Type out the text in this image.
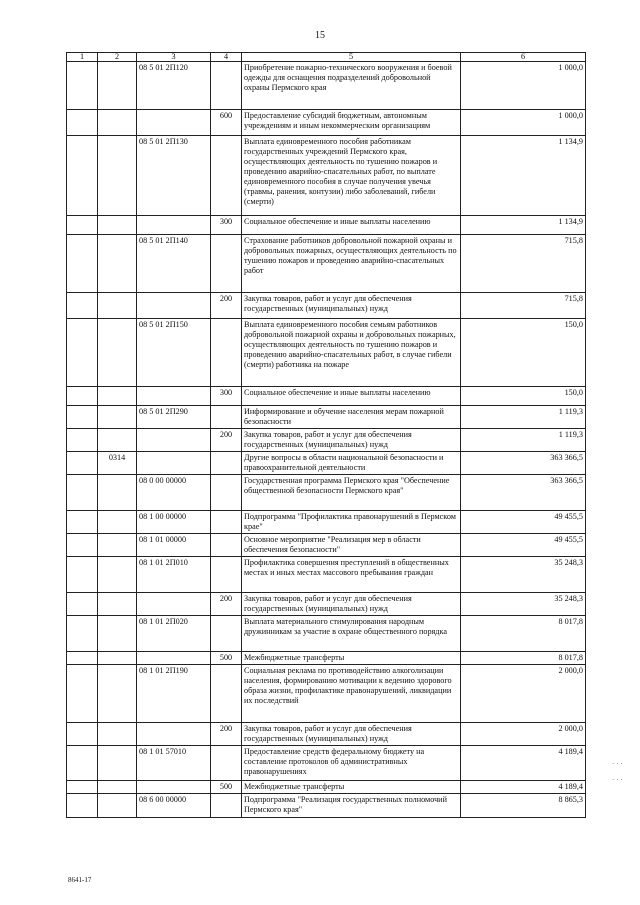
15
1	2	3	4	5	6
		08 5 01 2П120		Приобретение пожарно-технического вооружения и боевой одежды для оснащения подразделений добровольной охраны Пермского края	1 000,0
			600	Предоставление субсидий бюджетным, автономным учреждениям и иным некоммерческим организациям	1 000,0
		08 5 01 2П130		Выплата единовременного пособия работникам государственных учреждений Пермского края, осуществляющих деятельность по тушению пожаров и проведению аварийно-спасательных работ, по выплате единовременного пособия в случае получения увечья (травмы, ранения, контузии) либо заболеваний, гибели (смерти)	1 134,9
			300	Социальное обеспечение и иные выплаты населению	1 134,9
		08 5 01 2П140		Страхование работников добровольной пожарной охраны и добровольных пожарных, осуществляющих деятельность по тушению пожаров и проведению аварийно-спасательных работ	715,8
			200	Закупка товаров, работ и услуг для обеспечения государственных (муниципальных) нужд	715,8
		08 5 01 2П150		Выплата единовременного пособия семьям работников добровольной пожарной охраны и добровольных пожарных, осуществляющих деятельность по тушению пожаров и проведению аварийно-спасательных работ, в случае гибели (смерти) работника на пожаре	150,0
			300	Социальное обеспечение и иные выплаты населению	150,0
		08 5 01 2П290		Информирование и обучение населения мерам пожарной безопасности	1 119,3
			200	Закупка товаров, работ и услуг для обеспечения государственных (муниципальных) нужд	1 119,3
	0314			Другие вопросы в области национальной безопасности и правоохранительной деятельности	363 366,5
		08 0 00 00000		Государственная программа Пермского края "Обеспечение общественной безопасности Пермского края"	363 366,5
		08 1 00 00000		Подпрограмма "Профилактика правонарушений в Пермском крае"	49 455,5
		08 1 01 00000		Основное мероприятие "Реализация мер в области обеспечения безопасности"	49 455,5
		08 1 01 2П010		Профилактика совершения преступлений в общественных местах и иных местах массового пребывания граждан	35 248,3
			200	Закупка товаров, работ и услуг для обеспечения государственных (муниципальных) нужд	35 248,3
		08 1 01 2П020		Выплата материального стимулирования народным дружинникам за участие в охране общественного порядка	8 017,8
			500	Межбюджетные трансферты	8 017,8
		08 1 01 2П190		Социальная реклама по противодействию алкоголизации населения, формированию мотивации к ведению здорового образа жизни, профилактике правонарушений, ликвидации их последствий	2 000,0
			200	Закупка товаров, работ и услуг для обеспечения государственных (муниципальных) нужд	2 000,0
		08 1 01 57010		Предоставление средств федеральному бюджету на составление протоколов об административных правонарушениях	4 189,4
			500	Межбюджетные трансферты	4 189,4
		08 6 00 00000		Подпрограмма "Реализация государственных полномочий Пермского края"	8 865,3
8641-17
· · ·
· · ·
